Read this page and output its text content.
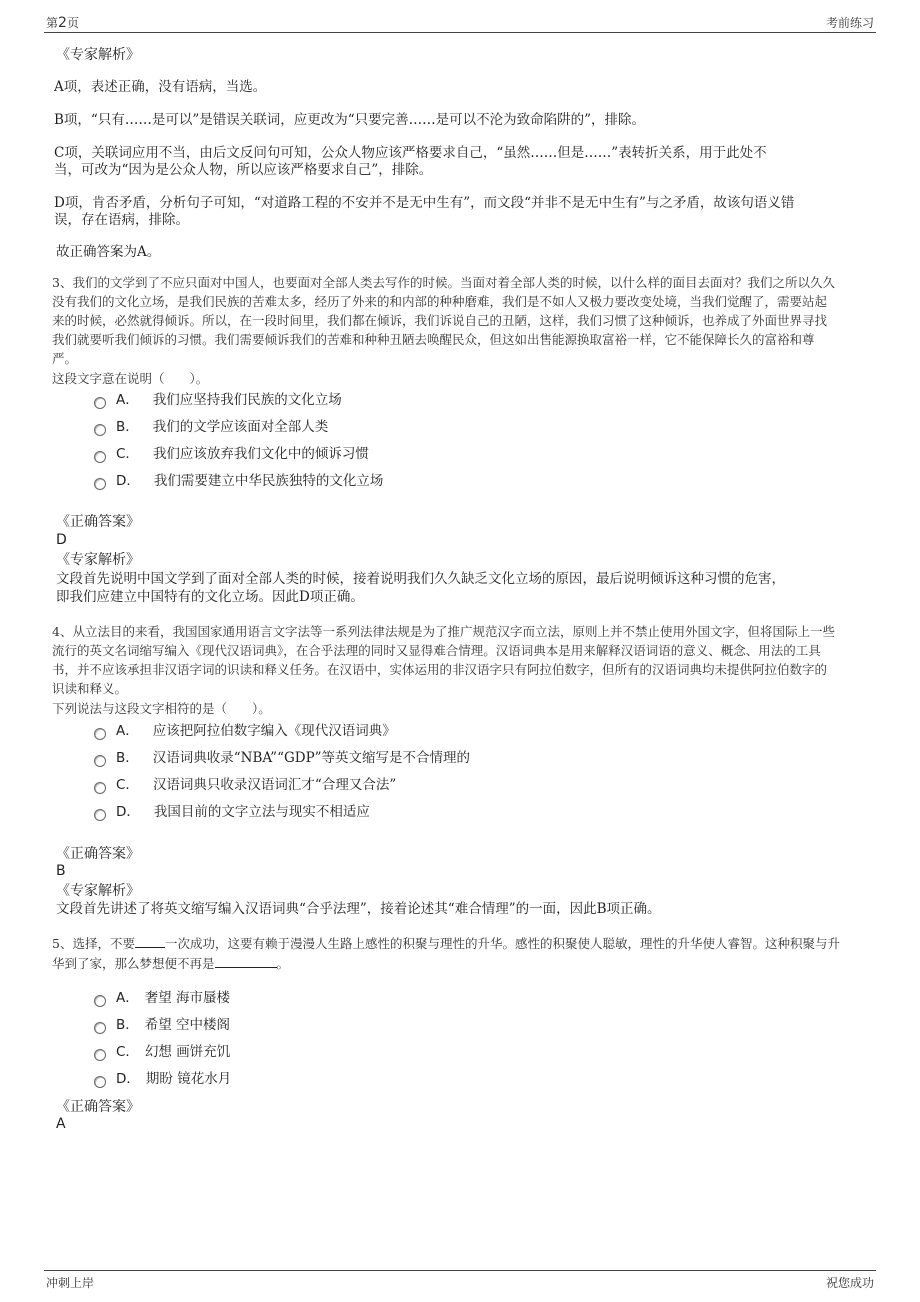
第2页	考前练习
《专家解析》
A项，表述正确，没有语病，当选。
B项，“只有……是可以”是错误关联词，应更改为“只要完善……是可以不沦为致命陷阱的”，排除。
C项，关联词应用不当，由后文反问句可知，公众人物应该严格要求自己，“虽然……但是……”表转折关系，用于此处不
当，可改为“因为是公众人物，所以应该严格要求自己”，排除。
D项，肯否矛盾，分析句子可知，“对道路工程的不安并不是无中生有”，而文段“并非不是无中生有”与之矛盾，故该句语义错
误，存在语病，排除。
故正确答案为A。
3、我们的文学到了不应只面对中国人，也要面对全部人类去写作的时候。当面对着全部人类的时候，以什么样的面目去面对？我们之所以久久
没有我们的文化立场，是我们民族的苦难太多，经历了外来的和内部的种种磨难，我们是不如人又极力要改变处境，当我们觉醒了，需要站起
来的时候，必然就得倾诉。所以，在一段时间里，我们都在倾诉，我们诉说自己的丑陋，这样，我们习惯了这种倾诉，也养成了外面世界寻找
我们就要听我们倾诉的习惯。我们需要倾诉我们的苦难和种种丑陋去唤醒民众，但这如出售能源换取富裕一样，它不能保障长久的富裕和尊
严。
这段文字意在说明（　　）。
A． 我们应坚持我们民族的文化立场
B． 我们的文学应该面对全部人类
C． 我们应该放弃我们文化中的倾诉习惯
D． 我们需要建立中华民族独特的文化立场
《正确答案》
D
《专家解析》
文段首先说明中国文学到了面对全部人类的时候，接着说明我们久久缺乏文化立场的原因，最后说明倾诉这种习惯的危害，
即我们应建立中国特有的文化立场。因此D项正确。
4、从立法目的来看，我国国家通用语言文字法等一系列法律法规是为了推广规范汉字而立法，原则上并不禁止使用外国文字，但将国际上一些
流行的英文名词缩写编入《现代汉语词典》，在合乎法理的同时又显得难合情理。汉语词典本是用来解释汉语词语的意义、概念、用法的工具
书，并不应该承担非汉语字词的识读和释义任务。在汉语中，实体运用的非汉语字只有阿拉伯数字，但所有的汉语词典均未提供阿拉伯数字的
识读和释义。
下列说法与这段文字相符的是（　　）。
A． 应该把阿拉伯数字编入《现代汉语词典》
B． 汉语词典收录“NBA”“GDP”等英文缩写是不合情理的
C． 汉语词典只收录汉语词汇才“合理又合法”
D． 我国目前的文字立法与现实不相适应
《正确答案》
B
《专家解析》
文段首先讲述了将英文缩写编入汉语词典“合乎法理”，接着论述其“难合情理”的一面，因此B项正确。
5、选择，不要 一次成功，这要有赖于漫漫人生路上感性的积聚与理性的升华。感性的积聚使人聪敏，理性的升华使人睿智。这种积聚与升
华到了家，那么梦想便不再是	。
A． 奢望 海市蜃楼
B． 希望 空中楼阁
C． 幻想 画饼充饥
D． 期盼 镜花水月
《正确答案》
A
冲刺上岸	祝您成功
